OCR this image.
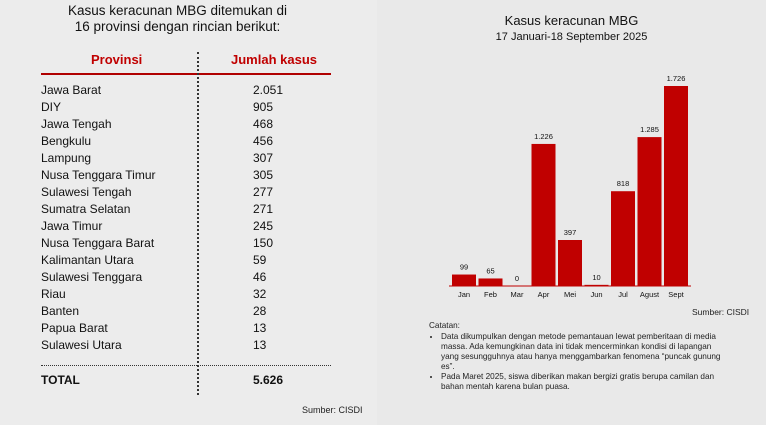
Kasus keracunan MBG ditemukan di
16 provinsi dengan rincian berikut:
Provinsi	Jumlah kasus
Jawa Barat	2.051
DIY	905
Jawa Tengah	468
Bengkulu	456
Lampung	307
Nusa Tenggara Timur	305
Sulawesi Tengah	277
Sumatra Selatan	271
Jawa Timur	245
Nusa Tenggara Barat	150
Kalimantan Utara	59
Sulawesi Tenggara	46
Riau	32
Banten	28
Papua Barat	13
Sulawesi Utara	13
TOTAL	5.626
Sumber: CISDI
Kasus keracunan MBG
17 Januari-18 September 2025
99
Jan
65
Feb
0
Mar
1.226
Apr
397
Mei
10
Jun
818
Jul
1.285
Agust
1.726
Sept
Sumber: CISDI
Catatan:
• Data dikumpulkan dengan metode pemantauan lewat pemberitaan di media massa. Ada kemungkinan data ini tidak mencerminkan kondisi di lapangan yang sesungguhnya atau hanya menggambarkan fenomena “puncak gunung es”.
• Pada Maret 2025, siswa diberikan makan bergizi gratis berupa camilan dan bahan mentah karena bulan puasa.
